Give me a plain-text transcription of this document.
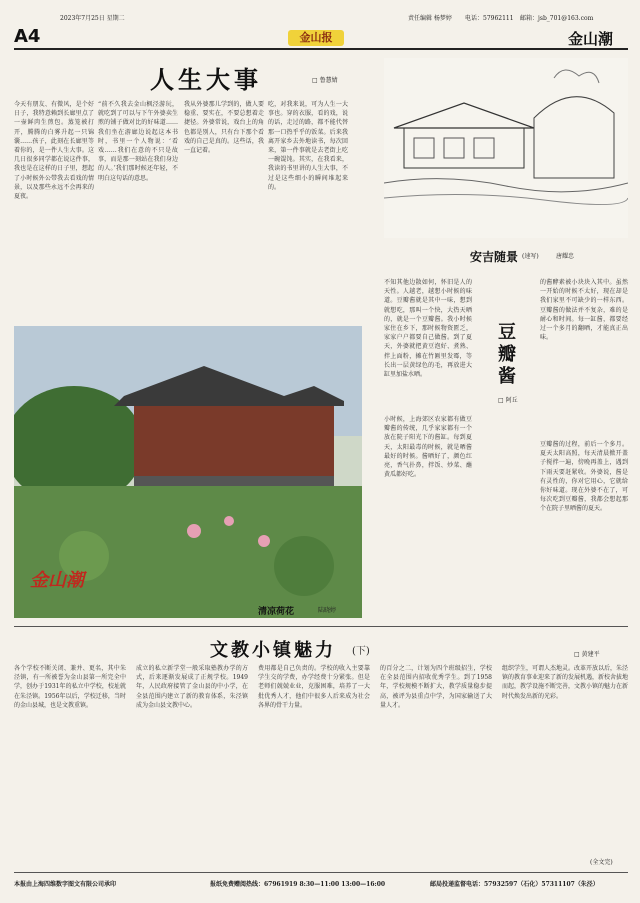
2023年7月25日 星期二	责任编辑 杨梦婷 电话：57962111 邮箱：jsb_701@163.com
A4	金山报	金山潮
人生大事	□ 鲁慧婧
今天有朋友、有微风，是个好日子，我特意赖到长廊里点了一壶鲜肉生煎包。蒸笼被打开，腾腾的白雾升起一只锦囊……孩子，此刻在长廊里等着你的，是一件人生大事。这几日很多同学都在说这件事，我也是在这样的日子里，想起了小时候外公带我去看戏的情景，以及那些永远不会再来的夏夜。
“前不久我去金山枫泾游玩，就吃到了可以与下午外婆卖生煎的铺子做对比的好味道……我们坐在游廊边说起这本书时，书里一个人物说：‘看戏……我们在意的不只是故事，而是那一刻站在我们身边的人。’我们那时候还年轻，不明白这句话的意思。
我从外婆那儿学到的，做人要稳重、要实在，不要总想着走捷径。外婆常说，戏台上的角色都是别人，只有台下那个看戏的自己是真的。这些话，我一直记着。
吃，对我来说，可为人生一大事也。穿的衣服，看的戏，说的话，走过的路，都不能代替那一口热乎乎的饭菜。后来我离开家乡去外地读书，每次回来，第一件事就是去老街上吃一碗馄饨。其实，在我看来，我读的书里讲的人生大事，不过是这些细小的瞬间堆起来的。
安吉随景 (速写)	唐耀忠
金山潮
清凉荷花	陆晓婷
不知其他边散如何，怀旧是人的天性。人越老，越想小时候的味道。豆瓣酱就是其中一味，想到就想吃，那叫一个快，大热天晒的，就是一个豆瓣酱。我小时候家住在乡下，那时候物资匮乏，家家户户都要自己做酱。到了夏天，外婆就把黄豆泡好、煮熟、拌上面粉，摊在竹匾里发霉，等长出一层黄绿色的毛，再放进大缸里加盐水晒。
小时候，上海郊区农家都有做豆瓣酱的传统，几乎家家都有一个放在院子阳光下的酱缸。每到夏天，太阳最毒的时候，就是晒酱最好的时候。酱晒好了，颜色红亮，香气扑鼻，拌饭、炒菜、蘸黄瓜都好吃。
豆瓣酱
□ 阿丘
的酱酵素被小块块入其中。虽然一开始的时候不太好，现在却是我们家里不可缺少的一样东西。豆瓣酱的做法并不复杂，难的是耐心和时间。每一缸酱，都要经过一个多月的翻晒，才能真正出味。
豆瓣酱的过程，前后一个多月。夏天太阳高照，每天清晨掀开盖子搅拌一遍，傍晚再盖上，遇到下雨天要赶紧收。外婆说，酱是有灵性的，你对它用心，它就给你好味道。现在外婆不在了，可每次吃到豆瓣酱，我都会想起那个在院子里晒酱的夏天。
文教小镇魅力 (下)	□ 黄建平
各个学校不断关闭、兼并、更名，其中朱泾镇，有一所被誉为金山县第一所完全中学，创办于1931年的私立中学校，校址就在朱泾镇。1956年以后，学校迁移，当时的金山县城，也是文教重镇。
成立的私立新学堂一般采取塾教办学的方式，后来逐渐发展成了正规学校。1949年，人民政府接管了金山县的中小学，在全县范围内建立了新的教育体系，朱泾镇成为金山县文教中心。
费用都是自己负责的。学校的收入主要靠学生交的学费，办学经费十分紧张。但是老师们兢兢业业，克服困难，培养了一大批优秀人才，他们中很多人后来成为社会各界的骨干力量。
的百分之二，计划为四个班级招生，学校在全县范围内招收优秀学生。到了1958年，学校规模不断扩大，教学质量稳步提高，被评为县重点中学，为国家输送了大量人才。
组织学生，可谓人杰地灵。改革开放以后，朱泾镇的教育事业迎来了新的发展机遇，新校舍拔地而起，教学设施不断完善，文教小镇的魅力在新时代焕发出新的光彩。
(全文完)
本报由上海四维数字图文有限公司承印	报纸免费赠阅热线：67961919 8:30—11:00 13:00—16:00	邮局投递监督电话：57932597（石化）57311107（朱泾）
